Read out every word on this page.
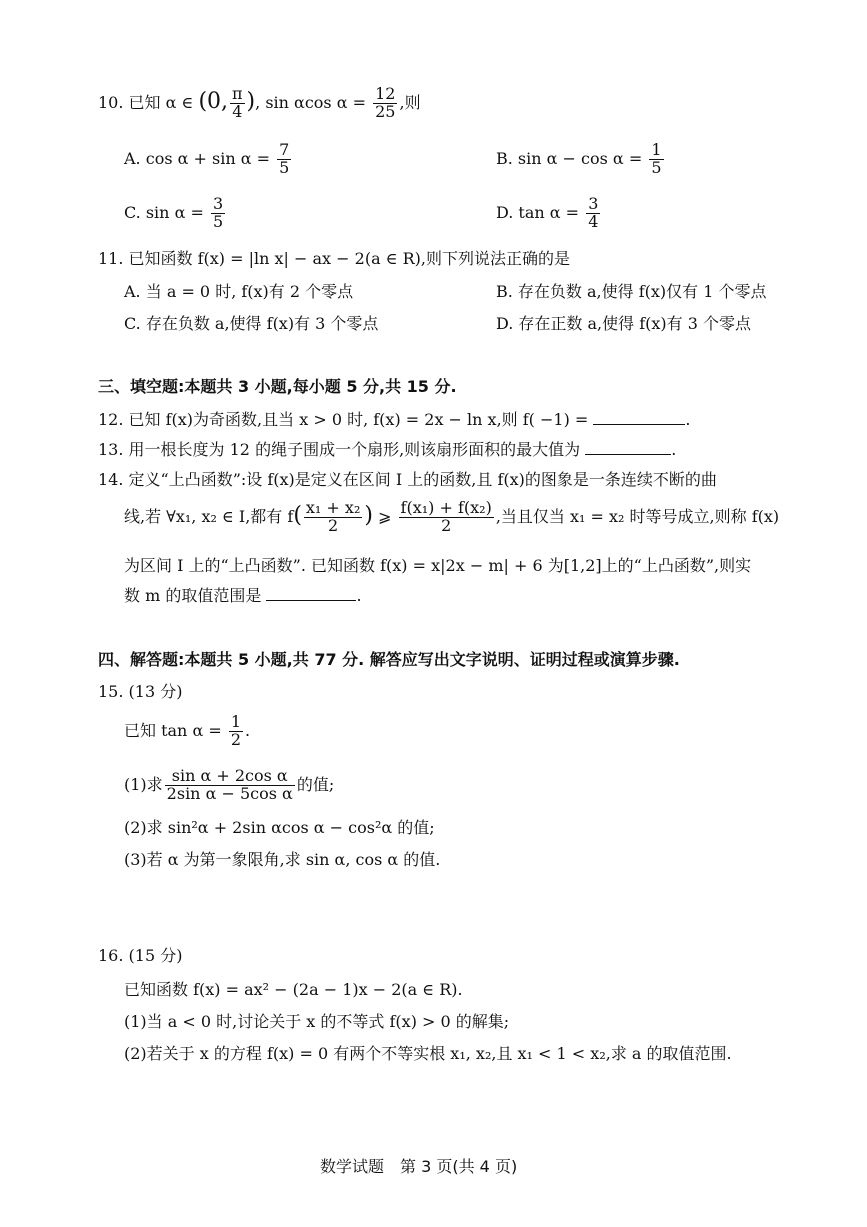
10. 已知 α ∈ (0, $\frac{\pi}{4}$ ), sin αcos $\alpha = \frac{12}{25}$ ,则
A. $\cos \alpha + \sin \alpha = \frac{7}{5}$	B. $\sin \alpha - \cos \alpha = \frac{1}{5}$
C. $\sin \alpha = \frac{3}{5}$	D. $\tan \alpha = \frac{3}{4}$
11. 已知函数 f(x) = |ln x| − ax − 2(a ∈ R),则下列说法正确的是
A. 当 a = 0 时, f(x)有 2 个零点	B. 存在负数 a,使得 f(x)仅有 1 个零点
C. 存在负数 a,使得 f(x)有 3 个零点	D. 存在正数 a,使得 f(x)有 3 个零点
三、填空题:本题共 3 小题,每小题 5 分,共 15 分.
12. 已知 f(x)为奇函数,且当 x > 0 时, f(x) = 2x − ln x,则 f( −1) =	.
13. 用一根长度为 12 的绳子围成一个扇形,则该扇形面积的最大值为	.
14. 定义“上凸函数”:设 f(x)是定义在区间 I 上的函数,且 f(x)的图象是一条连续不断的曲
线,若 ∀x₁, x₂ ∈ I,都有 $f( \frac{\text{x₁ + x₂}}{2}$ ) ⩾ $\frac{\text{f(x₁) + f(x₂)}}{2}$ ,当且仅当 x₁ = x₂ 时等号成立,则称 f(x)
为区间 I 上的“上凸函数”. 已知函数 f(x) = x|2x − m| + 6 为[1,2]上的“上凸函数”,则实
数 m 的取值范围是	.
四、解答题:本题共 5 小题,共 77 分. 解答应写出文字说明、证明过程或演算步骤.
15. (13 分)
已知 $\tan \alpha = \frac{1}{2}$ .
(1)求 $\frac{\text{sin α + 2cos α}}{\text{2sin α − 5cos α}}$ 的值;
(2)求 sin²α + 2sin αcos α − cos²α 的值;
(3)若 α 为第一象限角,求 sin α, cos α 的值.
16. (15 分)
已知函数 f(x) = ax² − (2a − 1)x − 2(a ∈ R).
(1)当 a < 0 时,讨论关于 x 的不等式 f(x) > 0 的解集;
(2)若关于 x 的方程 f(x) = 0 有两个不等实根 x₁, x₂,且 x₁ < 1 < x₂,求 a 的取值范围.
数学试题　第 3 页(共 4 页)
